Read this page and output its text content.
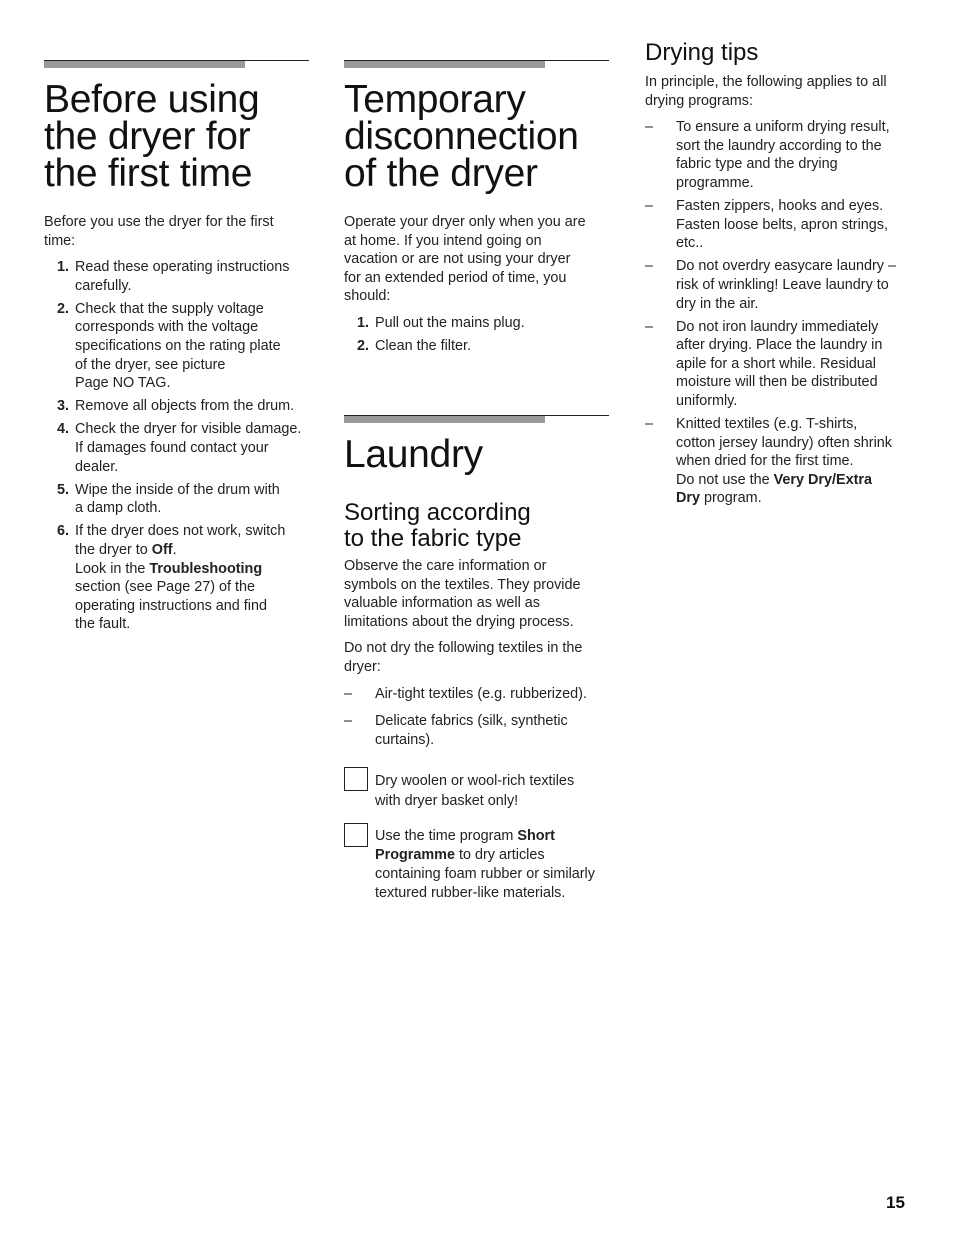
Before using
the dryer for
the first time

Before you use the dryer for the first time:

1. Read these operating instructions
carefully.
2. Check that the supply voltage
corresponds with the voltage
specifications on the rating plate
of the dryer, see picture
Page NO TAG.
3. Remove all objects from the drum.
4. Check the dryer for visible damage.
If damages found contact your
dealer.
5. Wipe the inside of the drum with
a damp cloth.
6. If the dryer does not work, switch
the dryer to Off.
Look in the Troubleshooting
section (see Page 27) of the
operating instructions and find
the fault.
Temporary
disconnection
of the dryer

Operate your dryer only when you are
at home. If you intend going on
vacation or are not using your dryer
for an extended period of time, you
should:

1. Pull out the mains plug.
2. Clean the filter.
Laundry
Sorting according
to the fabric type

Observe the care information or
symbols on the textiles. They provide
valuable information as well as
limitations about the drying process.

Do not dry the following textiles in the
dryer:

– Air-tight textiles (e.g. rubberized).
– Delicate fabrics (silk, synthetic
curtains).
Dry woolen or wool-rich textiles
with dryer basket only!
Use the time program Short
Programme to dry articles
containing foam rubber or similarly
textured rubber-like materials.
Drying tips

In principle, the following applies to all
drying programs:

– To ensure a uniform drying result,
sort the laundry according to the
fabric type and the drying
programme.
– Fasten zippers, hooks and eyes.
Fasten loose belts, apron strings,
etc..
– Do not overdry easycare laundry –
risk of wrinkling! Leave laundry to
dry in the air.
– Do not iron laundry immediately
after drying. Place the laundry in
apile for a short while. Residual
moisture will then be distributed
uniformly.
– Knitted textiles (e.g. T-shirts,
cotton jersey laundry) often shrink
when dried for the first time.
Do not use the Very Dry/Extra
Dry program.
15
